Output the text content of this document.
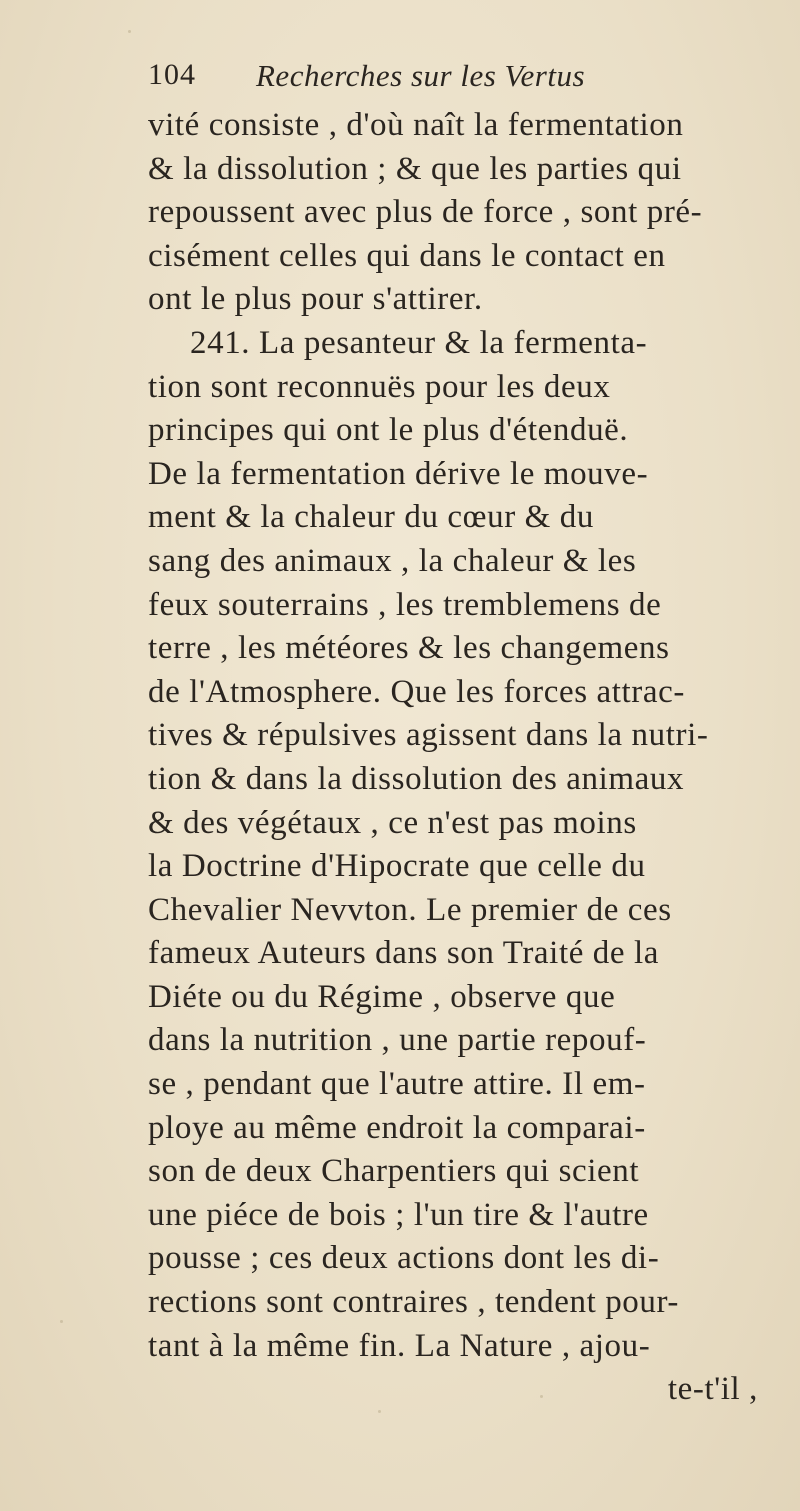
104 Recherches sur les Vertus
vité consiste , d'où naît la fermentation
& la dissolution ; & que les parties qui
repoussent avec plus de force , sont pré-
cisément celles qui dans le contact en
ont le plus pour s'attirer.
241. La pesanteur & la fermenta-
tion sont reconnuës pour les deux
principes qui ont le plus d'étenduë.
De la fermentation dérive le mouve-
ment & la chaleur du cœur & du
sang des animaux , la chaleur & les
feux souterrains , les tremblemens de
terre , les météores & les changemens
de l'Atmosphere. Que les forces attrac-
tives & répulsives agissent dans la nutri-
tion & dans la dissolution des animaux
& des végétaux , ce n'est pas moins
la Doctrine d'Hipocrate que celle du
Chevalier Nevvton. Le premier de ces
fameux Auteurs dans son Traité de la
Diéte ou du Régime , observe que
dans la nutrition , une partie repouf-
se , pendant que l'autre attire. Il em-
ploye au même endroit la comparai-
son de deux Charpentiers qui scient
une piéce de bois ; l'un tire & l'autre
pousse ; ces deux actions dont les di-
rections sont contraires , tendent pour-
tant à la même fin. La Nature , ajou-
te-t'il ,
